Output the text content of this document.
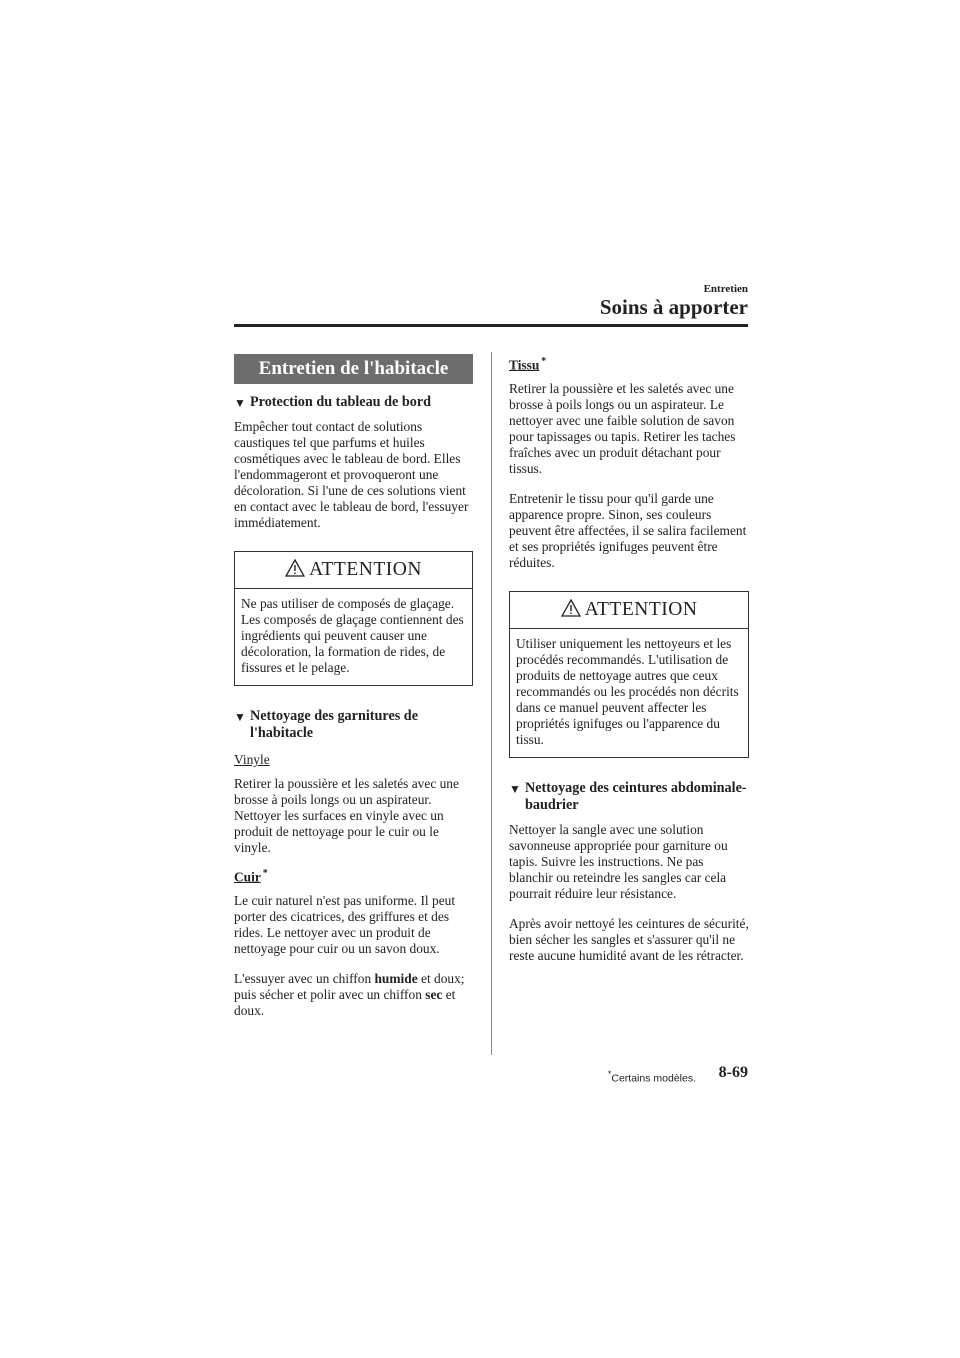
Entretien
Soins à apporter
Entretien de l'habitacle
▼ Protection du tableau de bord

Empêcher tout contact de solutions caustiques tel que parfums et huiles cosmétiques avec le tableau de bord. Elles l'endommageront et provoqueront une décoloration. Si l'une de ces solutions vient en contact avec le tableau de bord, l'essuyer immédiatement.

ATTENTION
Ne pas utiliser de composés de glaçage. Les composés de glaçage contiennent des ingrédients qui peuvent causer une décoloration, la formation de rides, de fissures et le pelage.
▼ Nettoyage des garnitures de l'habitacle
Vinyle

Retirer la poussière et les saletés avec une brosse à poils longs ou un aspirateur. Nettoyer les surfaces en vinyle avec un produit de nettoyage pour le cuir ou le vinyle.

Cuir *

Le cuir naturel n'est pas uniforme. Il peut porter des cicatrices, des griffures et des rides. Le nettoyer avec un produit de nettoyage pour cuir ou un savon doux.

L'essuyer avec un chiffon humide et doux; puis sécher et polir avec un chiffon sec et doux.

Tissu *

Retirer la poussière et les saletés avec une brosse à poils longs ou un aspirateur. Le nettoyer avec une faible solution de savon pour tapissages ou tapis. Retirer les taches fraîches avec un produit détachant pour tissus.

Entretenir le tissu pour qu'il garde une apparence propre. Sinon, ses couleurs peuvent être affectées, il se salira facilement et ses propriétés ignifuges peuvent être réduites.

ATTENTION
Utiliser uniquement les nettoyeurs et les procédés recommandés. L'utilisation de produits de nettoyage autres que ceux recommandés ou les procédés non décrits dans ce manuel peuvent affecter les propriétés ignifuges ou l'apparence du tissu.
▼ Nettoyage des ceintures abdominale-baudrier

Nettoyer la sangle avec une solution savonneuse appropriée pour garniture ou tapis. Suivre les instructions. Ne pas blanchir ou reteindre les sangles car cela pourrait réduire leur résistance.

Après avoir nettoyé les ceintures de sécurité, bien sécher les sangles et s'assurer qu'il ne reste aucune humidité avant de les rétracter.

*Certains modèles. 8-69
